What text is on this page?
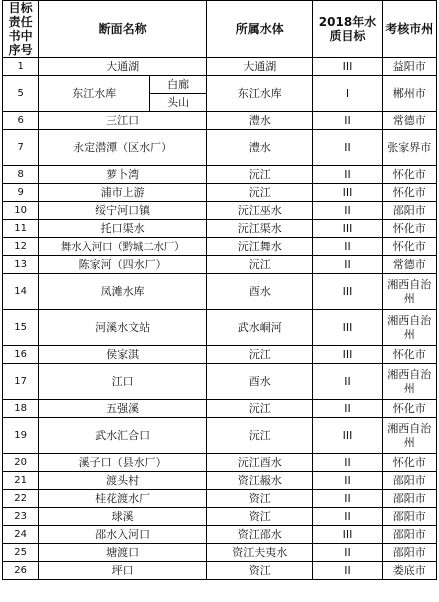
目标责任书中序号	断面名称		所属水体	2018年水质目标	考核市州
1	大通湖		大通湖	III	益阳市
5	东江水库	白廊	东江水库	I	郴州市
		头山			
6	三江口		澧水	II	常德市
7	永定潜潭（区水厂）		澧水	II	张家界市
8	萝卜湾		沅江	II	怀化市
9	浦市上游		沅江	III	怀化市
10	绥宁河口镇		沅江巫水	II	邵阳市
11	托口渠水		沅江渠水	III	怀化市
12	舞水入河口（黔城二水厂）		沅江舞水	II	怀化市
13	陈家河（四水厂）		沅江	II	常德市
14	凤滩水库		酉水	III	湘西自治州
15	河溪水文站		武水峒河	III	湘西自治州
16	侯家淇		沅江	III	怀化市
17	江口		酉水	II	湘西自治州
18	五强溪		沅江	II	怀化市
19	武水汇合口		沅江	III	湘西自治州
20	溪子口（县水厂）		沅江酉水	II	怀化市
21	渡头村		资江赧水	II	邵阳市
22	桂花渡水厂		资江	II	邵阳市
23	球溪		资江	II	邵阳市
24	邵水入河口		资江邵水	III	邵阳市
25	塘渡口		资江夫夷水	II	邵阳市
26	坪口		资江	II	娄底市
